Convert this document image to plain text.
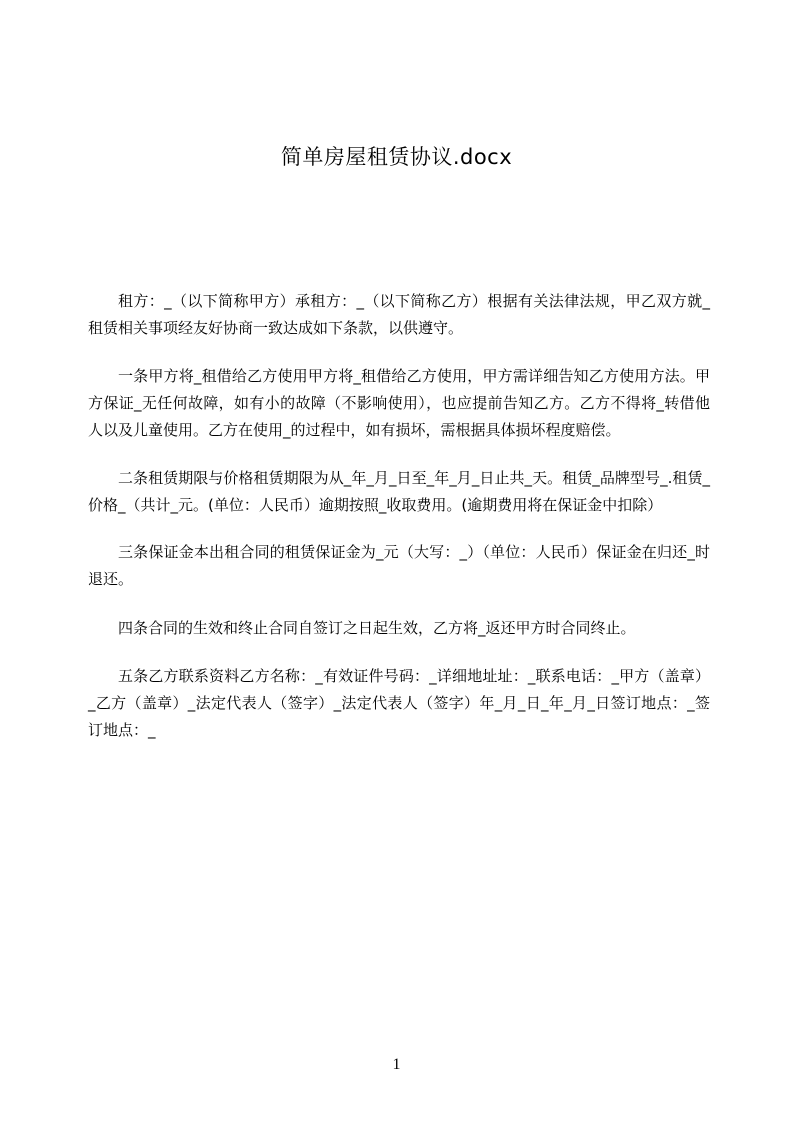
简单房屋租赁协议.docx

租方：_（以下简称甲方）承租方：_（以下简称乙方）根据有关法律法规，甲乙双方就_租赁相关事项经友好协商一致达成如下条款，以供遵守。

一条甲方将_租借给乙方使用甲方将_租借给乙方使用，甲方需详细告知乙方使用方法。甲方保证_无任何故障，如有小的故障（不影响使用），也应提前告知乙方。乙方不得将_转借他人以及儿童使用。乙方在使用_的过程中，如有损坏，需根据具体损坏程度赔偿。

二条租赁期限与价格租赁期限为从_年_月_日至_年_月_日止共_天。租赁_品牌型号_.租赁_价格_（共计_元。(单位：人民币）逾期按照_收取费用。(逾期费用将在保证金中扣除）

三条保证金本出租合同的租赁保证金为_元（大写：_）（单位：人民币）保证金在归还_时退还。

四条合同的生效和终止合同自签订之日起生效，乙方将_返还甲方时合同终止。

五条乙方联系资料乙方名称：_有效证件号码：_详细地址址：_联系电话：_甲方（盖章）_乙方（盖章）_法定代表人（签字）_法定代表人（签字）年_月_日_年_月_日签订地点：_签订地点：_

1
